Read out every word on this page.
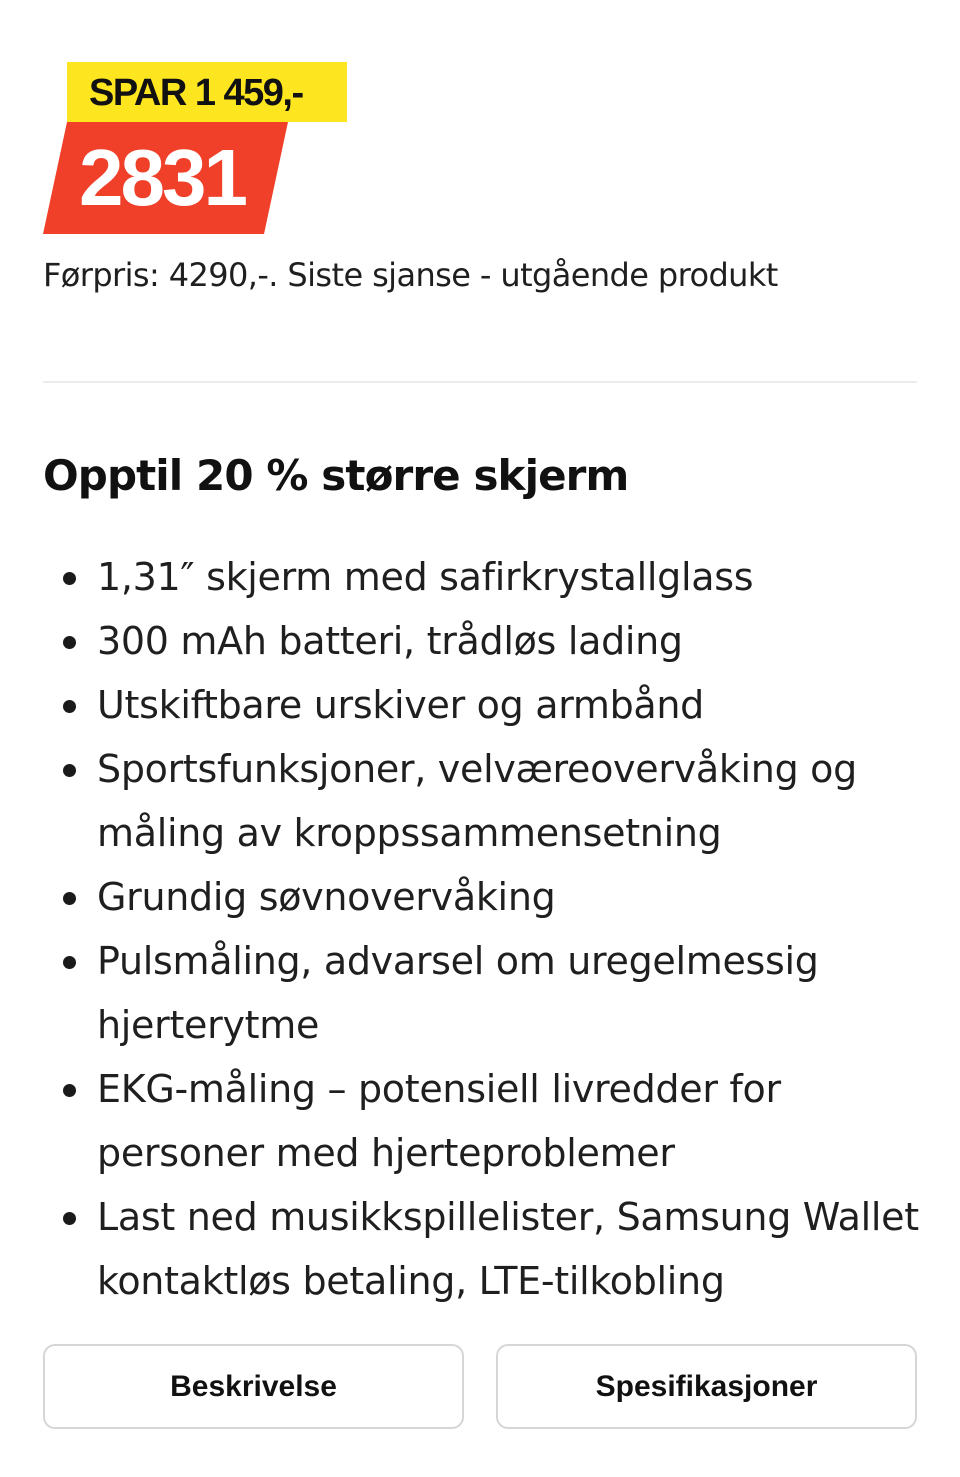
SPAR 1 459,-
2831
Førpris: 4290,-. Siste sjanse - utgående produkt
Opptil 20 % større skjerm
1,31″ skjerm med safirkrystallglass
300 mAh batteri, trådløs lading
Utskiftbare urskiver og armbånd
Sportsfunksjoner, velværeovervåking og måling av kroppssammensetning
Grundig søvnovervåking
Pulsmåling, advarsel om uregelmessig hjerterytme
EKG-måling – potensiell livredder for personer med hjerteproblemer
Last ned musikkspillelister, Samsung Wallet kontaktløs betaling, LTE-tilkobling
Beskrivelse	Spesifikasjoner
